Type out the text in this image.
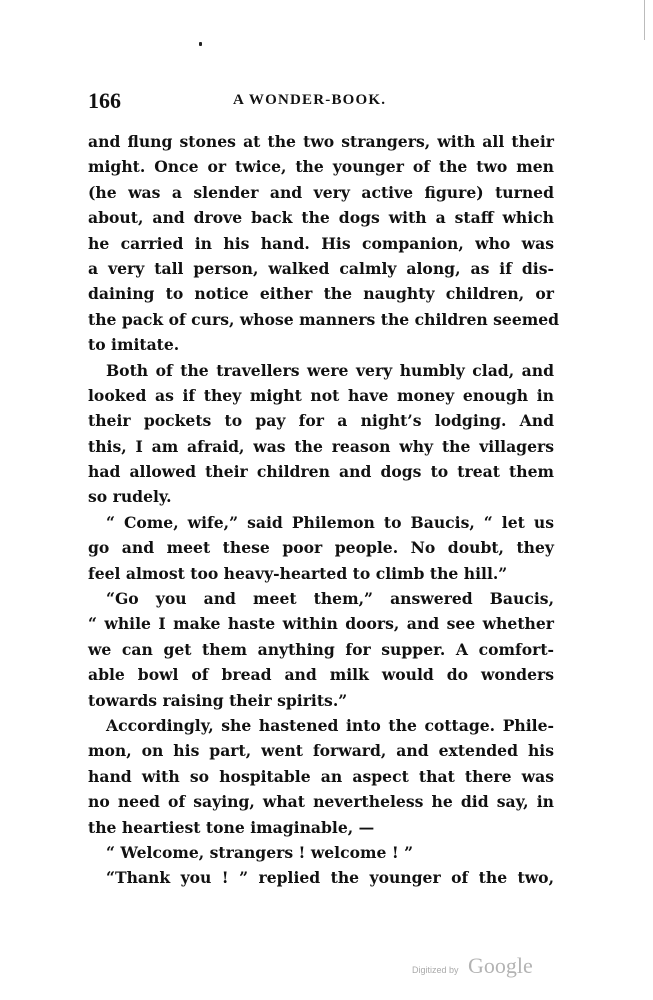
166	A WONDER-BOOK.
and flung stones at the two strangers, with all their
might. Once or twice, the younger of the two men
(he was a slender and very active figure) turned
about, and drove back the dogs with a staff which
he carried in his hand. His companion, who was
a very tall person, walked calmly along, as if dis-
daining to notice either the naughty children, or
the pack of curs, whose manners the children seemed
to imitate.
Both of the travellers were very humbly clad, and
looked as if they might not have money enough in
their pockets to pay for a night’s lodging. And
this, I am afraid, was the reason why the villagers
had allowed their children and dogs to treat them
so rudely.
“ Come, wife,” said Philemon to Baucis, “ let us
go and meet these poor people. No doubt, they
feel almost too heavy-hearted to climb the hill.”
“Go you and meet them,” answered Baucis,
“ while I make haste within doors, and see whether
we can get them anything for supper. A comfort-
able bowl of bread and milk would do wonders
towards raising their spirits.”
Accordingly, she hastened into the cottage. Phile-
mon, on his part, went forward, and extended his
hand with so hospitable an aspect that there was
no need of saying, what nevertheless he did say, in
the heartiest tone imaginable, —
“ Welcome, strangers ! welcome ! ”
“Thank you ! ” replied the younger of the two,
Digitized by Google
